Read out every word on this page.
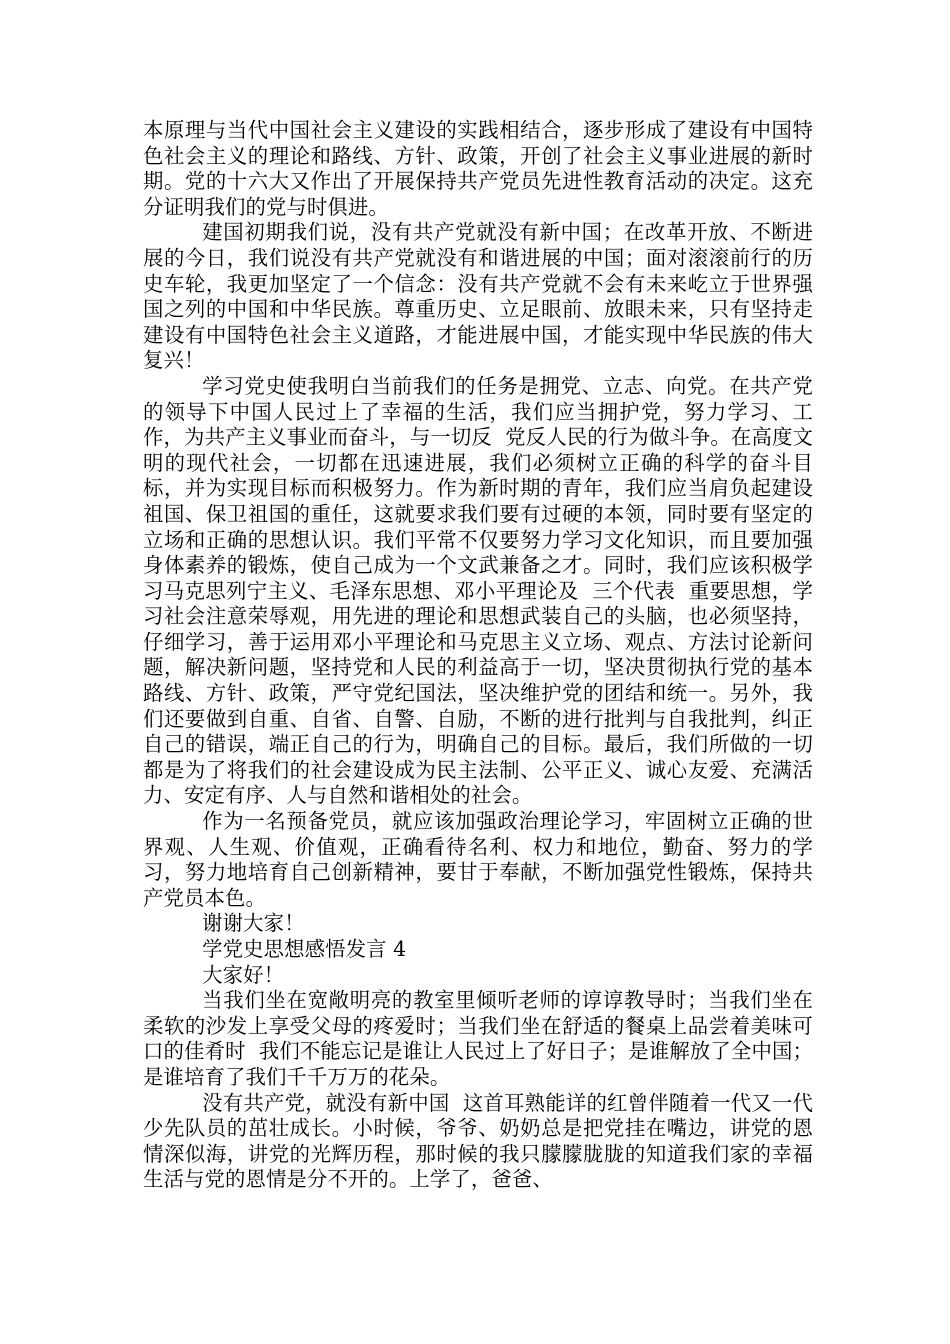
本原理与当代中国社会主义建设的实践相结合，逐步形成了建设有中国特色社会主义的理论和路线、方针、政策，开创了社会主义事业进展的新时期。党的十六大又作出了开展保持共产党员先进性教育活动的决定。这充分证明我们的党与时俱进。

建国初期我们说，没有共产党就没有新中国；在改革开放、不断进展的今日，我们说没有共产党就没有和谐进展的中国；面对滚滚前行的历史车轮，我更加坚定了一个信念：没有共产党就不会有未来屹立于世界强国之列的中国和中华民族。尊重历史、立足眼前、放眼未来，只有坚持走建设有中国特色社会主义道路，才能进展中国，才能实现中华民族的伟大复兴！

学习党史使我明白当前我们的任务是拥党、立志、向党。在共产党的领导下中国人民过上了幸福的生活，我们应当拥护党，努力学习、工作，为共产主义事业而奋斗，与一切反  党反人民的行为做斗争。在高度文明的现代社会，一切都在迅速进展，我们必须树立正确的科学的奋斗目标，并为实现目标而积极努力。作为新时期的青年，我们应当肩负起建设祖国、保卫祖国的重任，这就要求我们要有过硬的本领，同时要有坚定的立场和正确的思想认识。我们平常不仅要努力学习文化知识，而且要加强身体素养的锻炼，使自己成为一个文武兼备之才。同时，我们应该积极学习马克思列宁主义、毛泽东思想、邓小平理论及  三个代表  重要思想，学习社会注意荣辱观，用先进的理论和思想武装自己的头脑，也必须坚持，仔细学习，善于运用邓小平理论和马克思主义立场、观点、方法讨论新问题，解决新问题，坚持党和人民的利益高于一切，坚决贯彻执行党的基本路线、方针、政策，严守党纪国法，坚决维护党的团结和统一。另外，我们还要做到自重、自省、自警、自励，不断的进行批判与自我批判，纠正自己的错误，端正自己的行为，明确自己的目标。最后，我们所做的一切都是为了将我们的社会建设成为民主法制、公平正义、诚心友爱、充满活力、安定有序、人与自然和谐相处的社会。

作为一名预备党员，就应该加强政治理论学习，牢固树立正确的世界观、人生观、价值观，正确看待名利、权力和地位，勤奋、努力的学习，努力地培育自己创新精神，要甘于奉献，不断加强党性锻炼，保持共产党员本色。

谢谢大家！

学党史思想感悟发言 4

大家好！

当我们坐在宽敞明亮的教室里倾听老师的谆谆教导时；当我们坐在柔软的沙发上享受父母的疼爱时；当我们坐在舒适的餐桌上品尝着美味可口的佳肴时  我们不能忘记是谁让人民过上了好日子；是谁解放了全中国；是谁培育了我们千千万万的花朵。

没有共产党，就没有新中国  这首耳熟能详的红曾伴随着一代又一代少先队员的茁壮成长。小时候，爷爷、奶奶总是把党挂在嘴边，讲党的恩情深似海，讲党的光辉历程，那时候的我只朦朦胧胧的知道我们家的幸福生活与党的恩情是分不开的。上学了，爸爸、
